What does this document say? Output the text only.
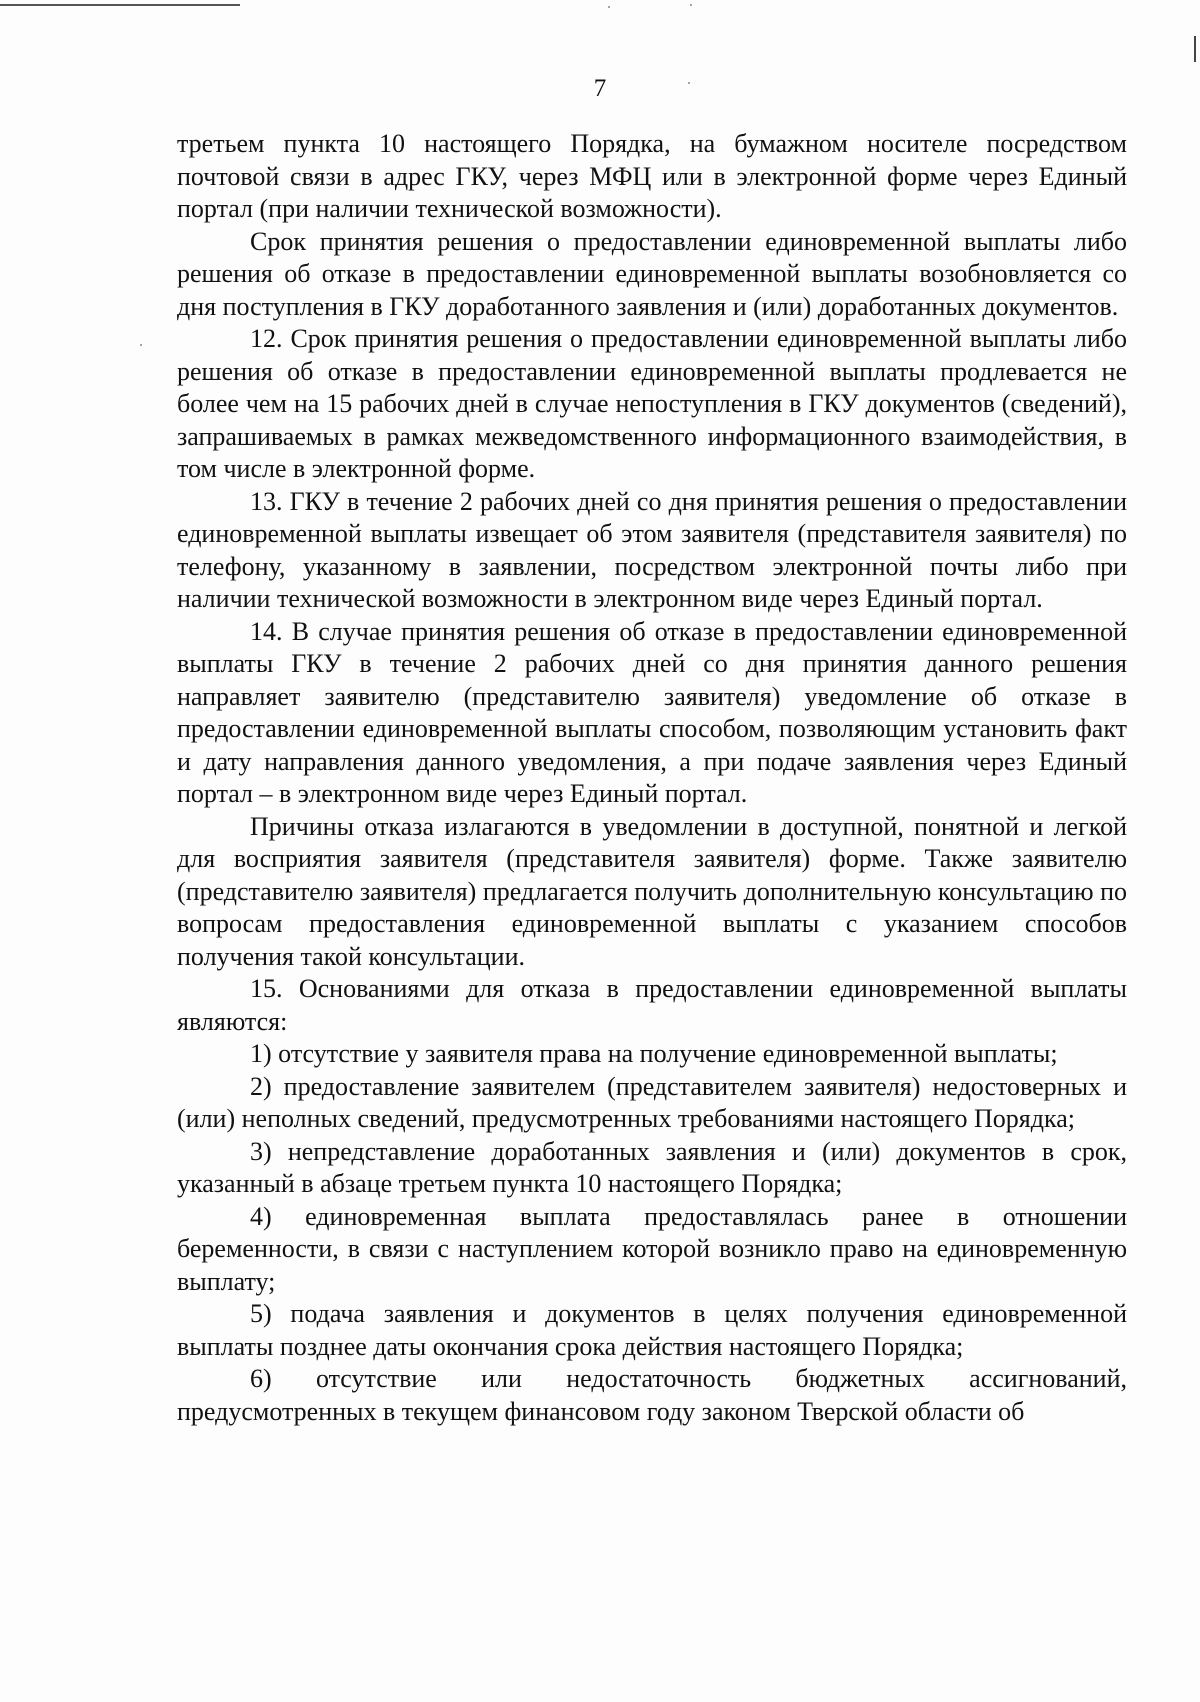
7

третьем пункта 10 настоящего Порядка, на бумажном носителе посредством почтовой связи в адрес ГКУ, через МФЦ или в электронной форме через Единый портал (при наличии технической возможности).

Срок принятия решения о предоставлении единовременной выплаты либо решения об отказе в предоставлении единовременной выплаты возобновляется со дня поступления в ГКУ доработанного заявления и (или) доработанных документов.

12. Срок принятия решения о предоставлении единовременной выплаты либо решения об отказе в предоставлении единовременной выплаты продлевается не более чем на 15 рабочих дней в случае непоступления в ГКУ документов (сведений), запрашиваемых в рамках межведомственного информационного взаимодействия, в том числе в электронной форме.

13. ГКУ в течение 2 рабочих дней со дня принятия решения о предоставлении единовременной выплаты извещает об этом заявителя (представителя заявителя) по телефону, указанному в заявлении, посредством электронной почты либо при наличии технической возможности в электронном виде через Единый портал.

14. В случае принятия решения об отказе в предоставлении единовременной выплаты ГКУ в течение 2 рабочих дней со дня принятия данного решения направляет заявителю (представителю заявителя) уведомление об отказе в предоставлении единовременной выплаты способом, позволяющим установить факт и дату направления данного уведомления, а при подаче заявления через Единый портал – в электронном виде через Единый портал.

Причины отказа излагаются в уведомлении в доступной, понятной и легкой для восприятия заявителя (представителя заявителя) форме. Также заявителю (представителю заявителя) предлагается получить дополнительную консультацию по вопросам предоставления единовременной выплаты с указанием способов получения такой консультации.

15. Основаниями для отказа в предоставлении единовременной выплаты являются:

1) отсутствие у заявителя права на получение единовременной выплаты;

2) предоставление заявителем (представителем заявителя) недостоверных и (или) неполных сведений, предусмотренных требованиями настоящего Порядка;

3) непредставление доработанных заявления и (или) документов в срок, указанный в абзаце третьем пункта 10 настоящего Порядка;

4) единовременная выплата предоставлялась ранее в отношении беременности, в связи с наступлением которой возникло право на единовременную выплату;

5) подача заявления и документов в целях получения единовременной выплаты позднее даты окончания срока действия настоящего Порядка;

6) отсутствие или недостаточность бюджетных ассигнований, предусмотренных в текущем финансовом году законом Тверской области об
